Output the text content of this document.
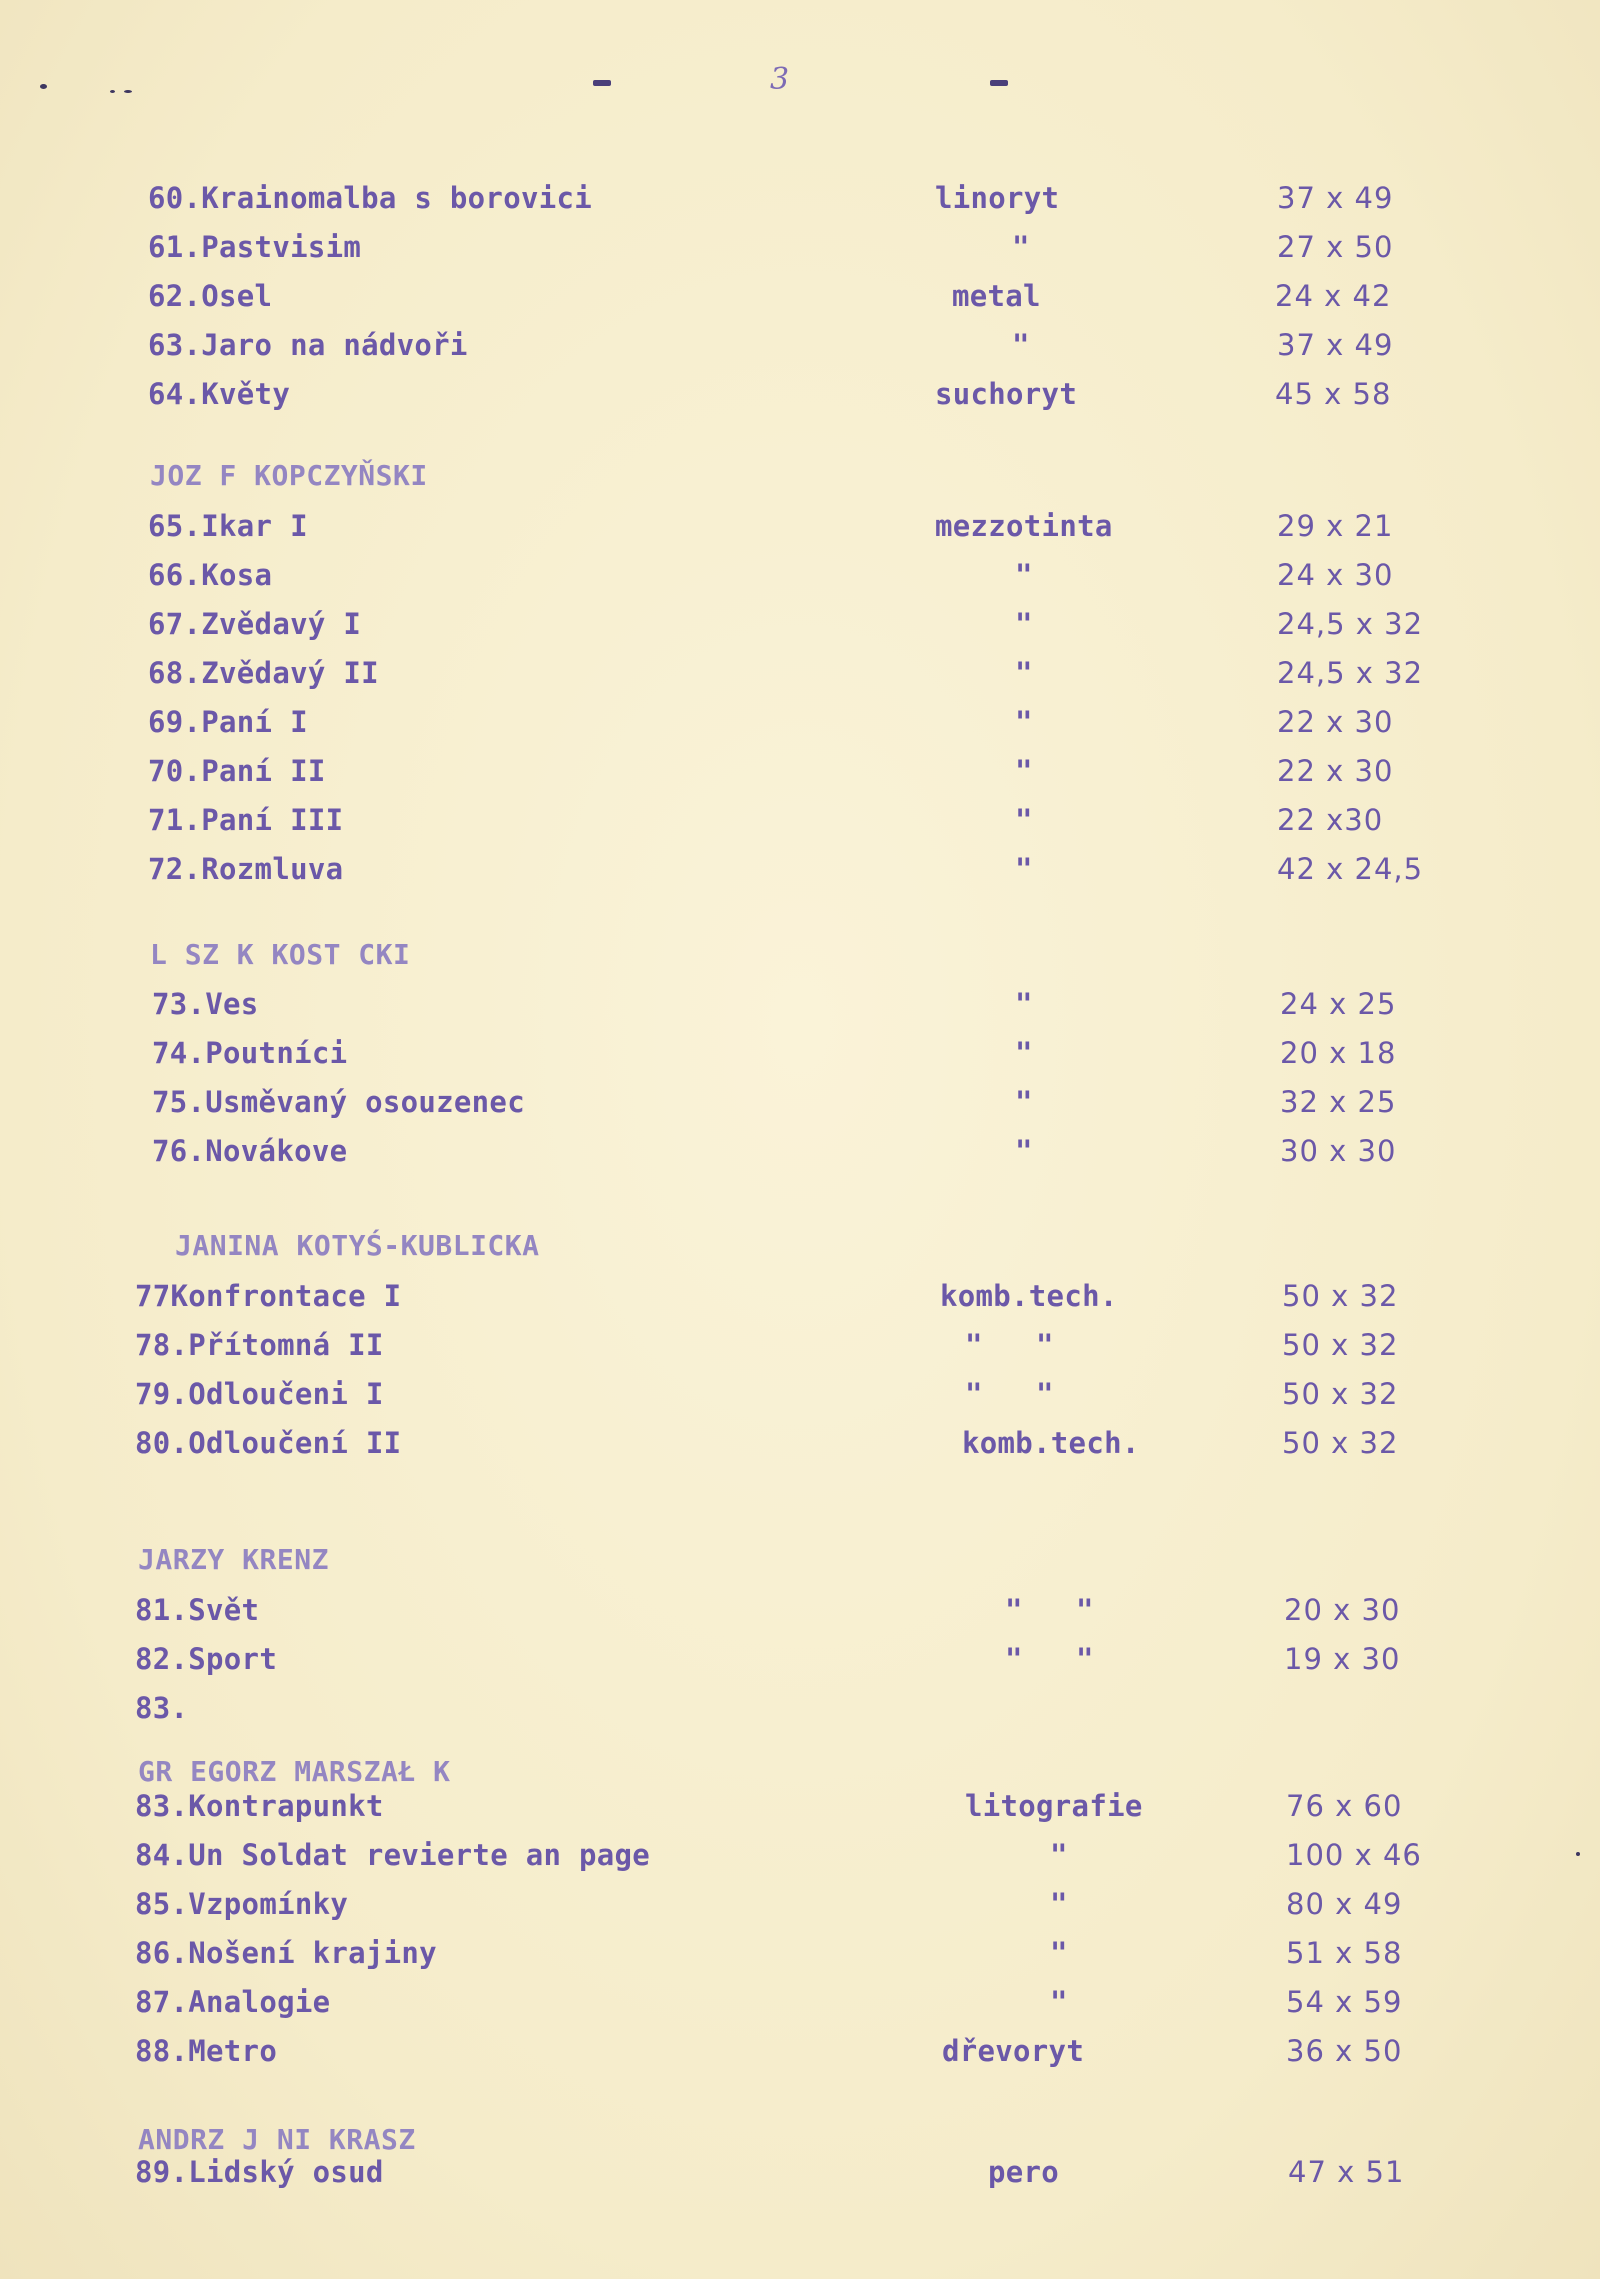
3
60.Krainomalba s borovici	linoryt	37 x 49
61.Pastvisim	"	27 x 50
62.Osel	metal	24 x 42
63.Jaro na nádvoři	"	37 x 49
64.Květy	suchoryt	45 x 58
JOZ F KOPCZYŇSKI
65.Ikar I	mezzotinta	29 x 21
66.Kosa	"	24 x 30
67.Zvědavý I	"	24,5 x 32
68.Zvědavý II	"	24,5 x 32
69.Paní I	"	22 x 30
70.Paní II	"	22 x 30
71.Paní III	"	22 x30
72.Rozmluva	"	42 x 24,5
L SZ K KOST CKI
73.Ves	"	24 x 25
74.Poutníci	"	20 x 18
75.Usměvaný osouzenec	"	32 x 25
76.Novákove	"	30 x 30
JANINA KOTYŚ-KUBLICKA
77Konfrontace I	komb.tech.	50 x 32
78.Přítomná II	"   "	50 x 32
79.Odloučeni I	"   "	50 x 32
80.Odloučení II	komb.tech.	50 x 32
JARZY KRENZ
81.Svět	"   "	20 x 30
82.Sport	"   "	19 x 30
83.
GR EGORZ MARSZAŁ K
83.Kontrapunkt	litografie	76 x 60
84.Un Soldat revierte an page	"	100 x 46
85.Vzpomínky	"	80 x 49
86.Nošení krajiny	"	51 x 58
87.Analogie	"	54 x 59
88.Metro	dřevoryt	36 x 50
ANDRZ J NI KRASZ
89.Lidský osud	pero	47 x 51
